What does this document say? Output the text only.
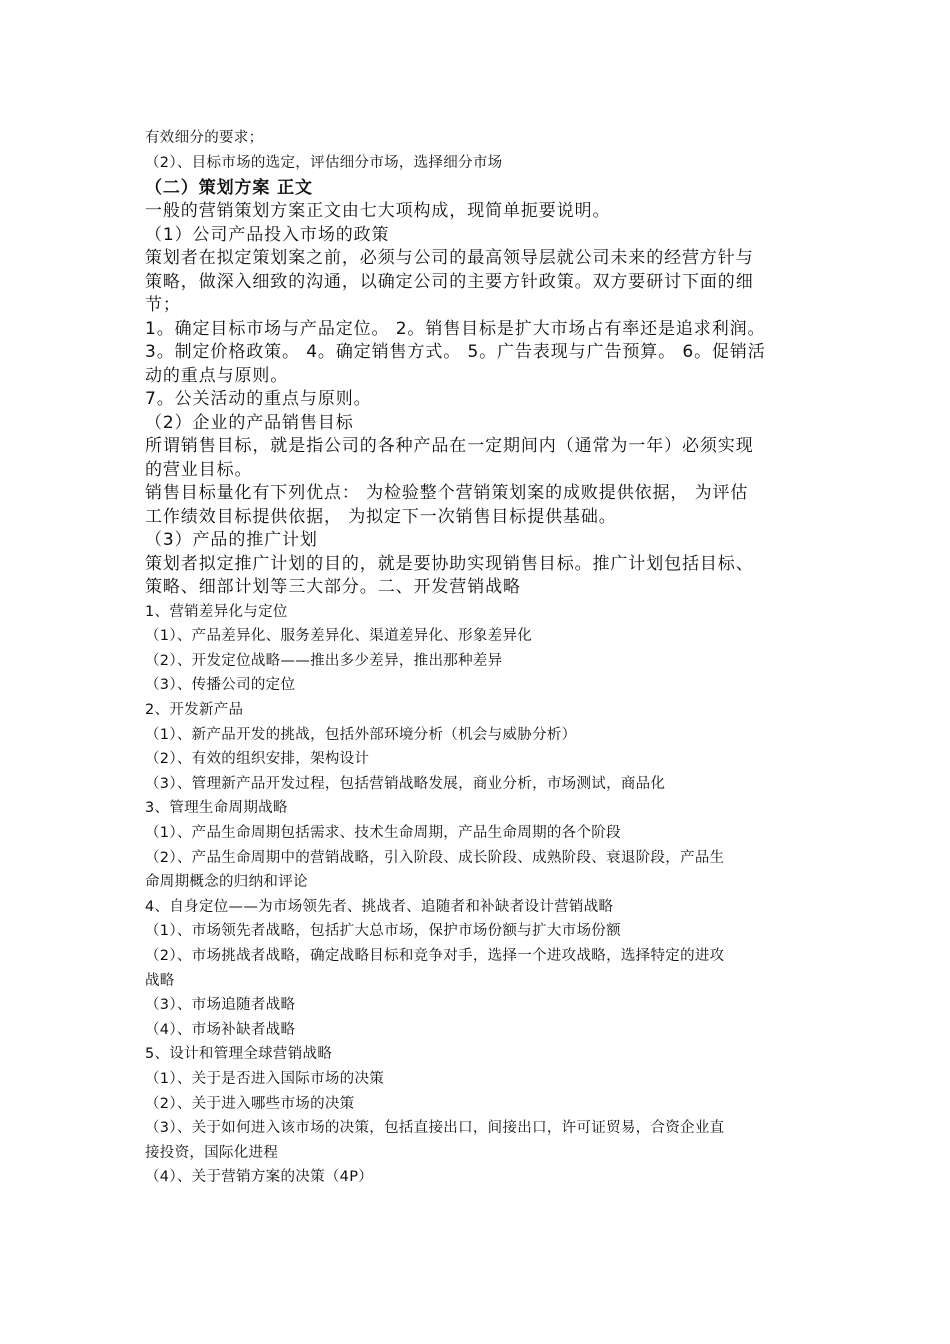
有效细分的要求；
（2）、目标市场的选定，评估细分市场，选择细分市场
（二）策划方案 正文
一般的营销策划方案正文由七大项构成，现简单扼要说明。
（1）公司产品投入市场的政策
策划者在拟定策划案之前，必须与公司的最高领导层就公司未来的经营方针与
策略，做深入细致的沟通，以确定公司的主要方针政策。双方要研讨下面的细
节；
1。确定目标市场与产品定位。 2。销售目标是扩大市场占有率还是追求利润。
3。制定价格政策。 4。确定销售方式。 5。广告表现与广告预算。 6。促销活
动的重点与原则。
7。公关活动的重点与原则。
（2）企业的产品销售目标
所谓销售目标，就是指公司的各种产品在一定期间内（通常为一年）必须实现
的营业目标。
销售目标量化有下列优点： 为检验整个营销策划案的成败提供依据， 为评估
工作绩效目标提供依据， 为拟定下一次销售目标提供基础。
（3）产品的推广计划
策划者拟定推广计划的目的，就是要协助实现销售目标。推广计划包括目标、
策略、细部计划等三大部分。二、开发营销战略
1、营销差异化与定位
（1）、产品差异化、服务差异化、渠道差异化、形象差异化
（2）、开发定位战略——推出多少差异，推出那种差异
（3）、传播公司的定位
2、开发新产品
（1）、新产品开发的挑战，包括外部环境分析（机会与威胁分析）
（2）、有效的组织安排，架构设计
（3）、管理新产品开发过程，包括营销战略发展，商业分析，市场测试，商品化
3、管理生命周期战略
（1）、产品生命周期包括需求、技术生命周期，产品生命周期的各个阶段
（2）、产品生命周期中的营销战略，引入阶段、成长阶段、成熟阶段、衰退阶段，产品生
命周期概念的归纳和评论
4、自身定位——为市场领先者、挑战者、追随者和补缺者设计营销战略
（1）、市场领先者战略，包括扩大总市场，保护市场份额与扩大市场份额
（2）、市场挑战者战略，确定战略目标和竞争对手，选择一个进攻战略，选择特定的进攻
战略
（3）、市场追随者战略
（4）、市场补缺者战略
5、设计和管理全球营销战略
（1）、关于是否进入国际市场的决策
（2）、关于进入哪些市场的决策
（3）、关于如何进入该市场的决策，包括直接出口，间接出口，许可证贸易，合资企业直
接投资，国际化进程
（4）、关于营销方案的决策（4P）
